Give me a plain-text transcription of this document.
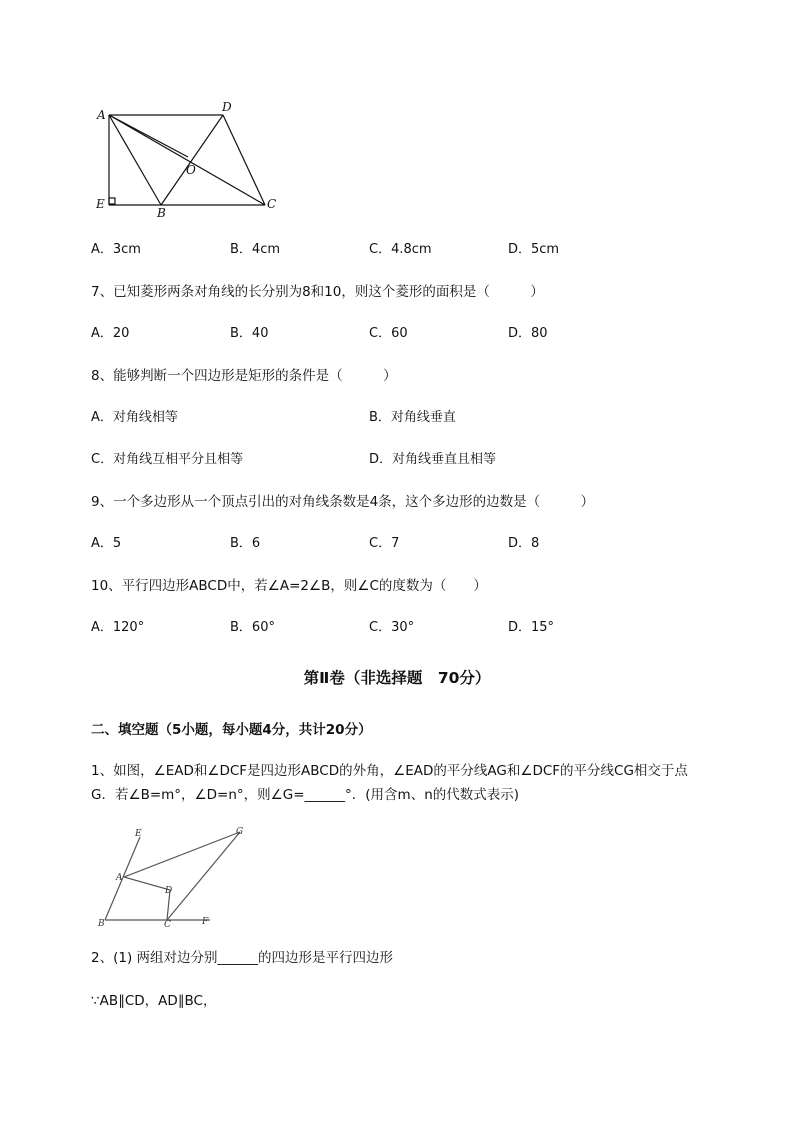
A
D
O
E
B
C
A．3cm	B．4cm	C．4.8cm	D．5cm
7、已知菱形两条对角线的长分别为8和10，则这个菱形的面积是（　　　）
A．20	B．40	C．60	D．80
8、能够判断一个四边形是矩形的条件是（　　　）
A．对角线相等	B．对角线垂直
C．对角线互相平分且相等	D．对角线垂直且相等
9、一个多边形从一个顶点引出的对角线条数是4条，这个多边形的边数是（　　　）
A．5	B．6	C．7	D．8
10、平行四边形ABCD中，若∠A=2∠B，则∠C的度数为（　　）
A．120°	B．60°	C．30°	D．15°
第Ⅱ卷（非选择题　70分）
二、填空题（5小题，每小题4分，共计20分）
1、如图，∠EAD和∠DCF是四边形ABCD的外角，∠EAD的平分线AG和∠DCF的平分线CG相交于点
G．若∠B=m°，∠D=n°，则∠G=______°．(用含m、n的代数式表示)
E	G
A
D
B	C	F
2、(1) 两组对边分别______的四边形是平行四边形
∵AB∥CD，AD∥BC，
